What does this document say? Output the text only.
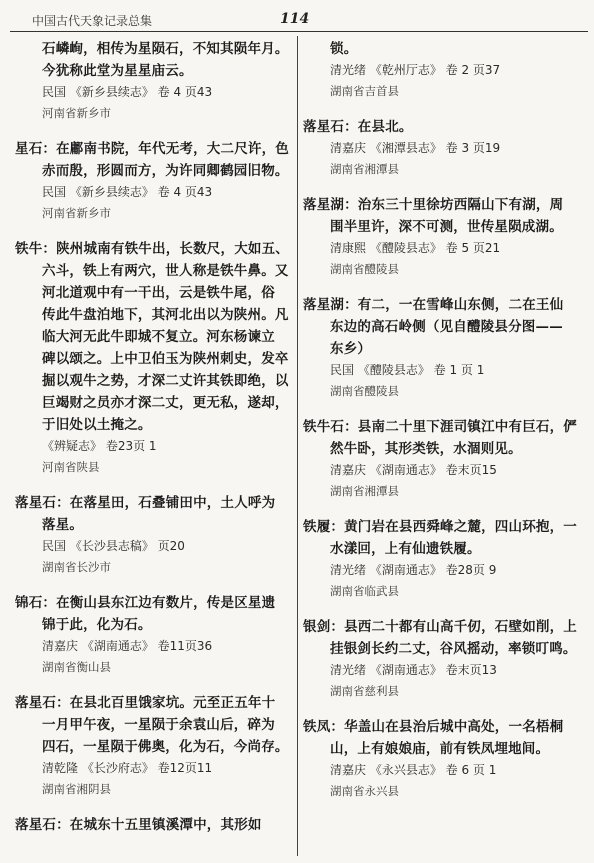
中国古代天象记录总集	114
石嶙峋，相传为星陨石，不知其陨年月。
今犹称此堂为星星庙云。
民国 《新乡县续志》 卷 4 页43
河南省新乡市
星石：在鄘南书院，年代无考，大二尺许，色
赤而殷，形圆而方，为许同卿鹤园旧物。
民国 《新乡县续志》 卷 4 页43
河南省新乡市
铁牛：陕州城南有铁牛出，长数尺，大如五、
六斗，铁上有两穴，世人称是铁牛鼻。又
河北道观中有一干出，云是铁牛尾，俗
传此牛盘泊地下，其河北出以为陕州。凡
临大河无此牛即城不复立。河东杨谏立
碑以颂之。上中卫伯玉为陕州刺史，发卒
掘以观牛之势，才深二丈许其铁即绝，以
巨竭财之员亦才深二丈，更无私，遂却，
于旧处以土掩之。
《辨疑志》 卷23页 1
河南省陕县
落星石：在落星田，石叠铺田中，土人呼为
落星。
民国 《长沙县志稿》 页20
湖南省长沙市
锦石：在衡山县东江边有数片，传是区星遗
锦于此，化为石。
清嘉庆 《湖南通志》 卷11页36
湖南省衡山县
落星石：在县北百里饿家坑。元至正五年十
一月甲午夜，一星陨于余袁山后，碎为
四石，一星陨于佛奥，化为石，今尚存。
清乾隆 《长沙府志》 卷12页11
湖南省湘阴县
落星石：在城东十五里镇溪潭中，其形如
锁。
清光绪 《乾州厅志》 卷 2 页37
湖南省吉首县
落星石：在县北。
清嘉庆 《湘潭县志》 卷 3 页19
湖南省湘潭县
落星湖：治东三十里徐坊西隔山下有湖，周
围半里许，深不可测，世传星陨成湖。
清康熙 《醴陵县志》 卷 5 页21
湖南省醴陵县
落星湖：有二，一在雪峰山东侧，二在王仙
东边的高石岭侧（见自醴陵县分图——
东乡）
民国 《醴陵县志》 卷 1 页 1
湖南省醴陵县
铁牛石：县南二十里下涯司镇江中有巨石，俨
然牛卧，其形类铁，水涸则见。
清嘉庆 《湖南通志》 卷末页15
湖南省湘潭县
铁履：黄门岩在县西舜峰之麓，四山环抱，一
水漾回，上有仙遗铁履。
清光绪 《湖南通志》 卷28页 9
湖南省临武县
银剑：县西二十都有山高千仞，石壁如削，上
挂银剑长约二丈，谷风摇动，率锁叮鸣。
清光绪 《湖南通志》 卷末页13
湖南省慈利县
铁凤：华盖山在县治后城中高处，一名梧桐
山，上有娘娘庙，前有铁凤埋地间。
清嘉庆 《永兴县志》 卷 6 页 1
湖南省永兴县
